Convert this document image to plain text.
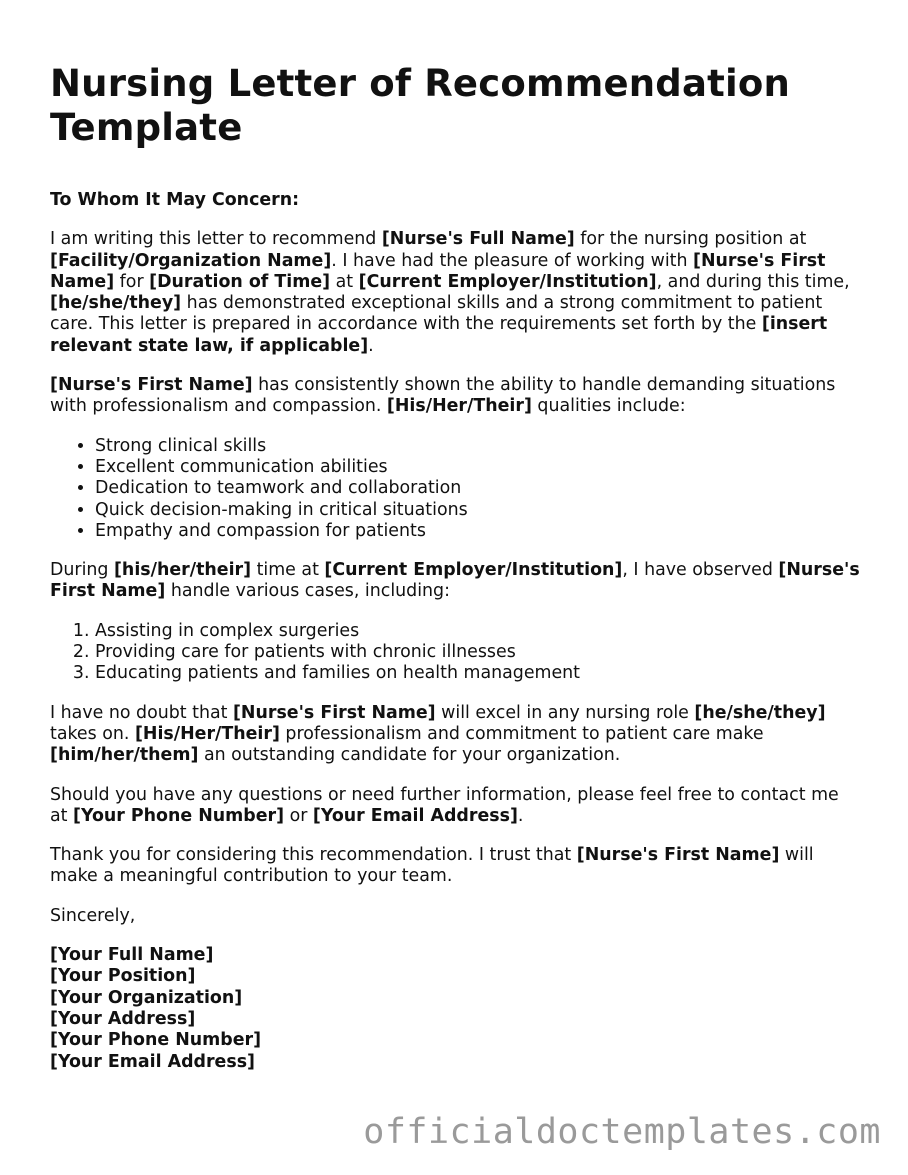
Nursing Letter of Recommendation Template

To Whom It May Concern:

I am writing this letter to recommend [Nurse's Full Name] for the nursing position at [Facility/Organization Name]. I have had the pleasure of working with [Nurse's First Name] for [Duration of Time] at [Current Employer/Institution], and during this time, [he/she/they] has demonstrated exceptional skills and a strong commitment to patient care. This letter is prepared in accordance with the requirements set forth by the [insert relevant state law, if applicable].

[Nurse's First Name] has consistently shown the ability to handle demanding situations with professionalism and compassion. [His/Her/Their] qualities include:

• Strong clinical skills
• Excellent communication abilities
• Dedication to teamwork and collaboration
• Quick decision-making in critical situations
• Empathy and compassion for patients

During [his/her/their] time at [Current Employer/Institution], I have observed [Nurse's First Name] handle various cases, including:

1. Assisting in complex surgeries
2. Providing care for patients with chronic illnesses
3. Educating patients and families on health management

I have no doubt that [Nurse's First Name] will excel in any nursing role [he/she/they] takes on. [His/Her/Their] professionalism and commitment to patient care make [him/her/them] an outstanding candidate for your organization.

Should you have any questions or need further information, please feel free to contact me at [Your Phone Number] or [Your Email Address].

Thank you for considering this recommendation. I trust that [Nurse's First Name] will make a meaningful contribution to your team.

Sincerely,

[Your Full Name]
[Your Position]
[Your Organization]
[Your Address]
[Your Phone Number]
[Your Email Address]
officialdoctemplates.com
